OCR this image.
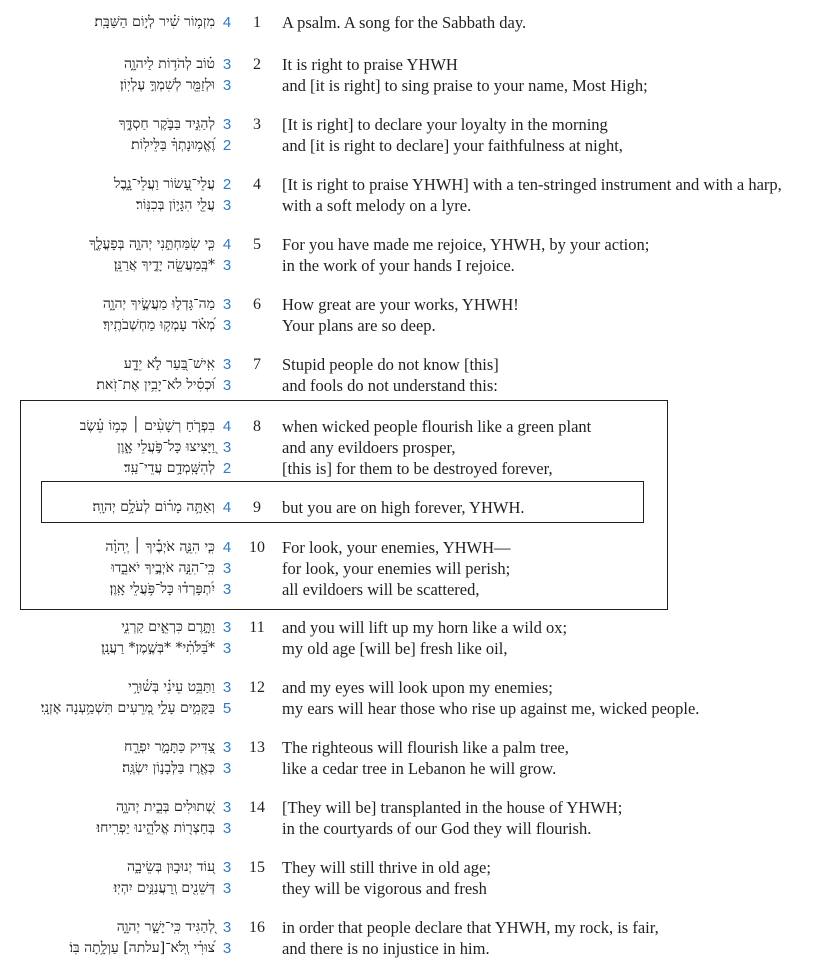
מִזְמ֥וֹר שִׁ֗יר לְי֣וֹם הַשַּׁבָּֽת׃ 4	1	A psalm. A song for the Sabbath day.
ט֗וֹב לְהֹד֥וֹת לַיהוָ֑ה 3	2	It is right to praise YHWH
וּלְזַמֵּ֖ר לְשִׁמְךָ֣ עֶלְיֽוֹן׃ 3	and [it is right] to sing praise to your name, Most High;
לְהַגִּ֣יד בַּבֹּ֣קֶר חַסְדֶּ֑ךָ 3	3	[It is right] to declare your loyalty in the morning
וֶ֝אֱמ֥וּנָתְךָ֗ בַּלֵּילֽוֹת׃ 2	and [it is right to declare] your faithfulness at night,
עֲלֵי־עָ֭שׂוֹר וַעֲלֵי־נָ֑בֶל 2	4	[It is right to praise YHWH] with a ten-stringed instrument and with a harp,
עֲלֵ֖י הִגָּי֣וֹן בְּכִנּֽוֹר׃ 3	with a soft melody on a lyre.
כִּ֤י שִׂמַּחְתַּ֣נִי יְהוָ֣ה בְּפָעֳלֶ֑ךָ 4	5	For you have made me rejoice, YHWH, by your action;
*בְּֽמַעֲשֵׂ֖ה יָדֶ֣יךָ אֲרַנֵּֽן׃ 3	in the work of your hands I rejoice.
מַה־גָּדְל֣וּ מַעֲשֶׂ֣יךָ יְהוָ֑ה 3	6	How great are your works, YHWH!
מְ֝אֹ֗ד עָמְק֥וּ מַחְשְׁבֹתֶֽיךָ׃ 3	Your plans are so deep.
אִֽישׁ־בַּ֭עַר לֹ֣א יֵדָ֑ע 3	7	Stupid people do not know [this]
וּ֝כְסִ֗יל לֹא־יָבִ֥ין אֶת־זֹֽאת׃ 3	and fools do not understand this:
בִּפְרֹ֤חַ רְשָׁעִ֨ים ׀ כְּמ֥וֹ עֵ֗שֶׂב 4	8	when wicked people flourish like a green plant
וַ֭יָּצִיצוּ כָּל־פֹּ֣עֲלֵי אָ֑וֶן 3	and any evildoers prosper,
לְהִשָּֽׁמְדָ֥ם עֲדֵי־עַֽד׃ 2	[this is] for them to be destroyed forever,
וְאַתָּ֥ה מָר֗וֹם לְעֹלָ֥ם יְהוָֽה׃ 4	9	but you are on high forever, YHWH.
כִּ֤י הִנֵּ֪ה אֹיְבֶ֡יךָ ׀ יְֽהוָ֗ה 4 10 For look, your enemies, YHWH—
כִּֽי־הִנֵּ֣ה אֹיְבֶ֣יךָ יֹאבֵ֑דוּ 3	for look, your enemies will perish;
יִ֝תְפָּרְד֗וּ כָּל־פֹּ֥עֲלֵי אָֽוֶן׃ 3	all evildoers will be scattered,
וַתָּ֣רֶם כִּרְאֵ֣ים קַרְנִ֑י 3 11 and you will lift up my horn like a wild ox;
*בַּ֝לֹּתִ֗י* *בְּשֶׁ֣מֶן* רַעֲנָֽן׃ 3	my old age [will be] fresh like oil,
וַתַּבֵּ֥ט עֵינִ֗י בְּשׁ֫וּרָ֥י 3 12 and my eyes will look upon my enemies;
בַּקָּמִ֣ים עָלַ֣י מְ֭רֵעִים תִּשְׁמַ֥עְנָה אָזְנָֽי׃ 5	my ears will hear those who rise up against me, wicked people.
צַ֭דִּיק כַּתָּמָ֣ר יִפְרָ֑ח 3 13 The righteous will flourish like a palm tree,
כְּאֶ֖רֶז בַּלְּבָנ֣וֹן יִשְׂגֶּֽה׃ 3	like a cedar tree in Lebanon he will grow.
שְׁ֭תוּלִים בְּבֵ֣ית יְהוָ֑ה 3 14 [They will be] transplanted in the house of YHWH;
בְּחַצְר֖וֹת אֱלֹהֵ֣ינוּ יַפְרִֽיחוּ׃ 3	in the courtyards of our God they will flourish.
ע֭וֹד יְנוּב֣וּן בְּשֵׂיבָ֑ה 3 15 They will still thrive in old age;
דְּשֵׁנִ֖ים וְֽרַעֲנַנִּ֣ים יִהְיֽוּ׃ 3	they will be vigorous and fresh
לְ֭הַגִּיד כִּֽי־יָשָׁ֣ר יְהוָ֑ה 3 16 in order that people declare that YHWH, my rock, is fair,
צ֝וּרִ֗י וְֽלֹא־[עלתה] עַוְלָ֥תָה בּֽוֹ׃ 3	and there is no injustice in him.
